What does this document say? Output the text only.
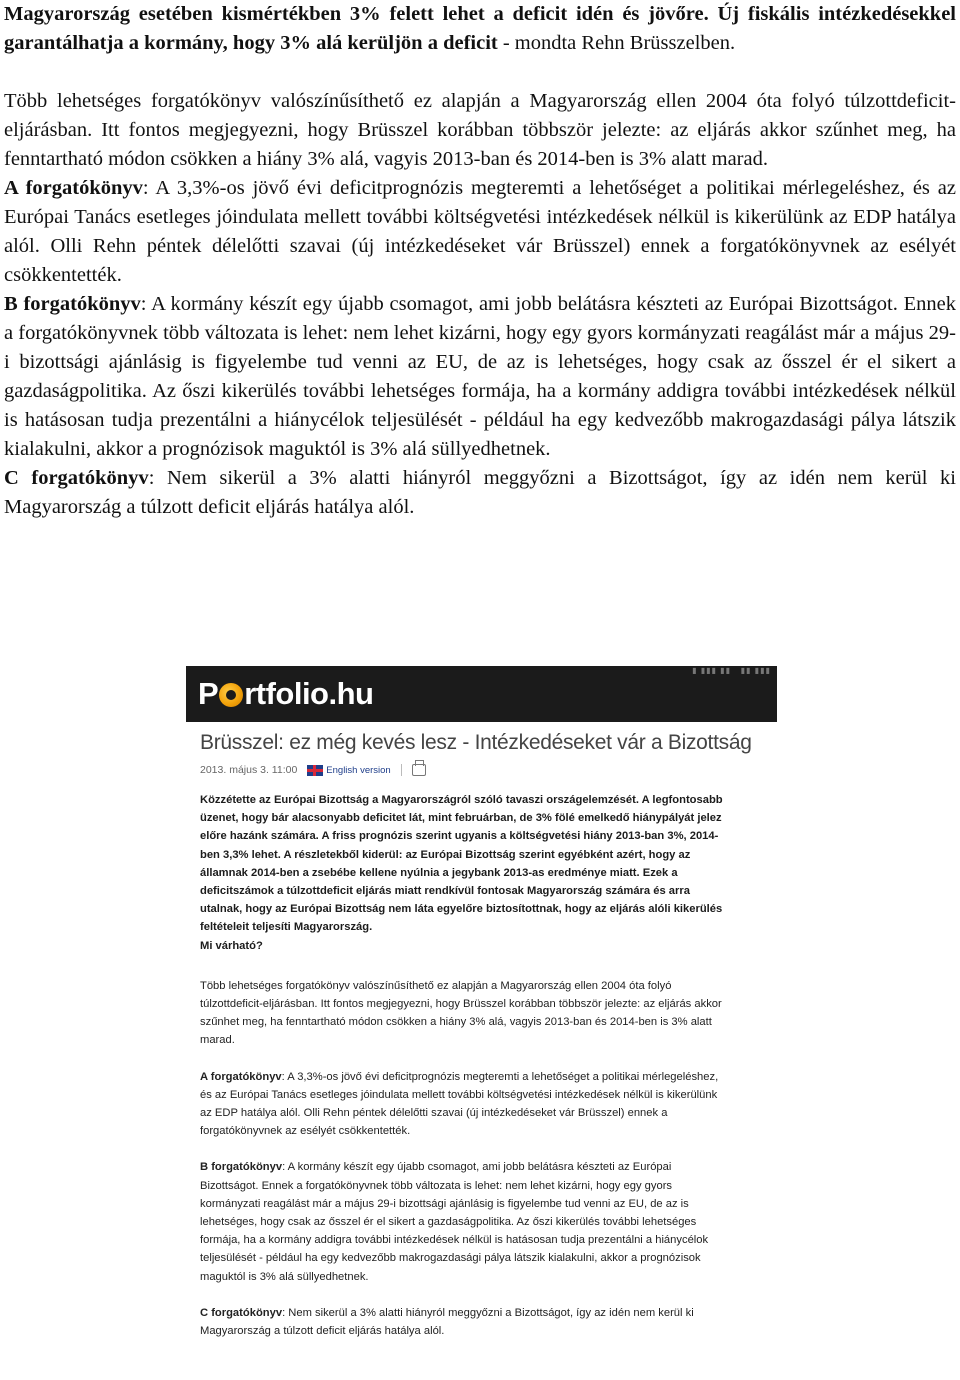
Magyarország esetében kismértékben 3% felett lehet a deficit idén és jövőre. Új fiskális intézkedésekkel garantálhatja a kormány, hogy 3% alá kerüljön a deficit - mondta Rehn Brüsszelben.

Több lehetséges forgatókönyv valószínűsíthető ez alapján a Magyarország ellen 2004 óta folyó túlzottdeficit-eljárásban. Itt fontos megjegyezni, hogy Brüsszel korábban többször jelezte: az eljárás akkor szűnhet meg, ha fenntartható módon csökken a hiány 3% alá, vagyis 2013-ban és 2014-ben is 3% alatt marad.

A forgatókönyv: A 3,3%-os jövő évi deficitprognózis megteremti a lehetőséget a politikai mérlegeléshez, és az Európai Tanács esetleges jóindulata mellett további költségvetési intézkedések nélkül is kikerülünk az EDP hatálya alól. Olli Rehn péntek délelőtti szavai (új intézkedéseket vár Brüsszel) ennek a forgatókönyvnek az esélyét csökkentették.

B forgatókönyv: A kormány készít egy újabb csomagot, ami jobb belátásra készteti az Európai Bizottságot. Ennek a forgatókönyvnek több változata is lehet: nem lehet kizárni, hogy egy gyors kormányzati reagálást már a május 29-i bizottsági ajánlásig is figyelembe tud venni az EU, de az is lehetséges, hogy csak az ősszel ér el sikert a gazdaságpolitika. Az őszi kikerülés további lehetséges formája, ha a kormány addigra további intézkedések nélkül is hatásosan tudja prezentálni a hiánycélok teljesülését - például ha egy kedvezőbb makrogazdasági pálya látszik kialakulni, akkor a prognózisok maguktól is 3% alá süllyedhetnek.

C forgatókönyv: Nem sikerül a 3% alatti hiányról meggyőzni a Bizottságot, így az idén nem kerül ki Magyarország a túlzott deficit eljárás hatálya alól.

▮ ▮▮▮ ▮▮   ▮▮ ▮▮▮
P rtfolio.hu
Brüsszel: ez még kevés lesz - Intézkedéseket vár a Bizottság
2013. május 3. 11:00	English version

Közzétette az Európai Bizottság a Magyarországról szóló tavaszi országelemzését. A legfontosabb üzenet, hogy bár alacsonyabb deficitet lát, mint februárban, de 3% fölé emelkedő hiánypályát jelez előre hazánk számára. A friss prognózis szerint ugyanis a költségvetési hiány 2013-ban 3%, 2014-ben 3,3% lehet. A részletekből kiderül: az Európai Bizottság szerint egyébként azért, hogy az államnak 2014-ben a zsebébe kellene nyúlnia a jegybank 2013-as eredménye miatt. Ezek a deficitszámok a túlzottdeficit eljárás miatt rendkívül fontosak Magyarország számára és arra utalnak, hogy az Európai Bizottság nem láta egyelőre biztosítottnak, hogy az eljárás alóli kikerülés feltételeit teljesíti Magyarország.

Mi várható?

Több lehetséges forgatókönyv valószínűsíthető ez alapján a Magyarország ellen 2004 óta folyó túlzottdeficit-eljárásban. Itt fontos megjegyezni, hogy Brüsszel korábban többször jelezte: az eljárás akkor szűnhet meg, ha fenntartható módon csökken a hiány 3% alá, vagyis 2013-ban és 2014-ben is 3% alatt marad.

A forgatókönyv: A 3,3%-os jövő évi deficitprognózis megteremti a lehetőséget a politikai mérlegeléshez, és az Európai Tanács esetleges jóindulata mellett további költségvetési intézkedések nélkül is kikerülünk az EDP hatálya alól. Olli Rehn péntek délelőtti szavai (új intézkedéseket vár Brüsszel) ennek a forgatókönyvnek az esélyét csökkentették.

B forgatókönyv: A kormány készít egy újabb csomagot, ami jobb belátásra készteti az Európai Bizottságot. Ennek a forgatókönyvnek több változata is lehet: nem lehet kizárni, hogy egy gyors kormányzati reagálást már a május 29-i bizottsági ajánlásig is figyelembe tud venni az EU, de az is lehetséges, hogy csak az ősszel ér el sikert a gazdaságpolitika. Az őszi kikerülés további lehetséges formája, ha a kormány addigra további intézkedések nélkül is hatásosan tudja prezentálni a hiánycélok teljesülését - például ha egy kedvezőbb makrogazdasági pálya látszik kialakulni, akkor a prognózisok maguktól is 3% alá süllyedhetnek.

C forgatókönyv: Nem sikerül a 3% alatti hiányról meggyőzni a Bizottságot, így az idén nem kerül ki Magyarország a túlzott deficit eljárás hatálya alól.
